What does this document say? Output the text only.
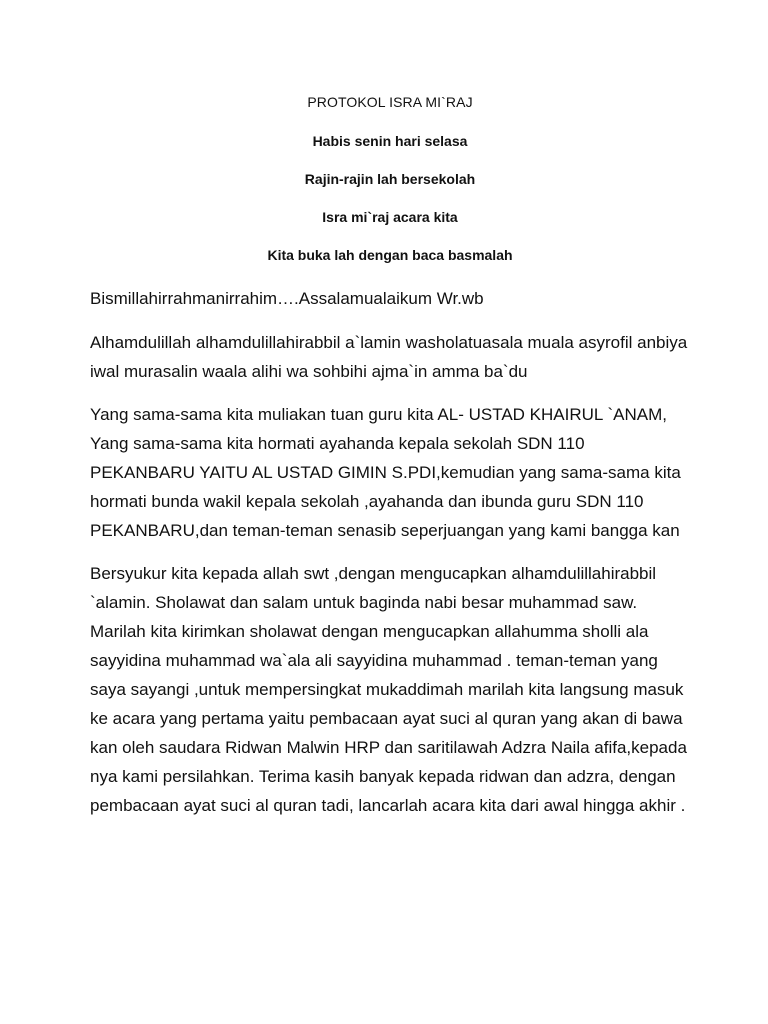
PROTOKOL ISRA MI`RAJ

Habis senin hari selasa

Rajin-rajin lah bersekolah

Isra mi`raj acara kita

Kita buka lah dengan baca basmalah

Bismillahirrahmanirrahim….Assalamualaikum Wr.wb

Alhamdulillah alhamdulillahirabbil a`lamin washolatuasala muala asyrofil anbiya iwal murasalin waala alihi wa sohbihi ajma`in amma ba`du

Yang sama-sama kita muliakan tuan guru kita AL- USTAD KHAIRUL `ANAM, Yang sama-sama kita hormati ayahanda kepala sekolah SDN 110 PEKANBARU YAITU AL USTAD GIMIN S.PDI,kemudian yang sama-sama kita hormati bunda wakil kepala sekolah ,ayahanda dan ibunda guru SDN 110 PEKANBARU,dan teman-teman senasib seperjuangan yang kami bangga kan

Bersyukur kita kepada allah swt ,dengan mengucapkan alhamdulillahirabbil `alamin. Sholawat dan salam untuk baginda nabi besar muhammad saw. Marilah kita kirimkan sholawat dengan mengucapkan allahumma sholli ala sayyidina muhammad wa`ala ali sayyidina muhammad . teman-teman yang saya sayangi ,untuk mempersingkat mukaddimah marilah kita langsung masuk ke acara yang pertama yaitu pembacaan ayat suci al quran yang akan di bawa kan oleh saudara Ridwan Malwin HRP dan saritilawah Adzra Naila afifa,kepada nya kami persilahkan. Terima kasih banyak kepada ridwan dan adzra, dengan pembacaan ayat suci al quran tadi, lancarlah acara kita dari awal hingga akhir .
